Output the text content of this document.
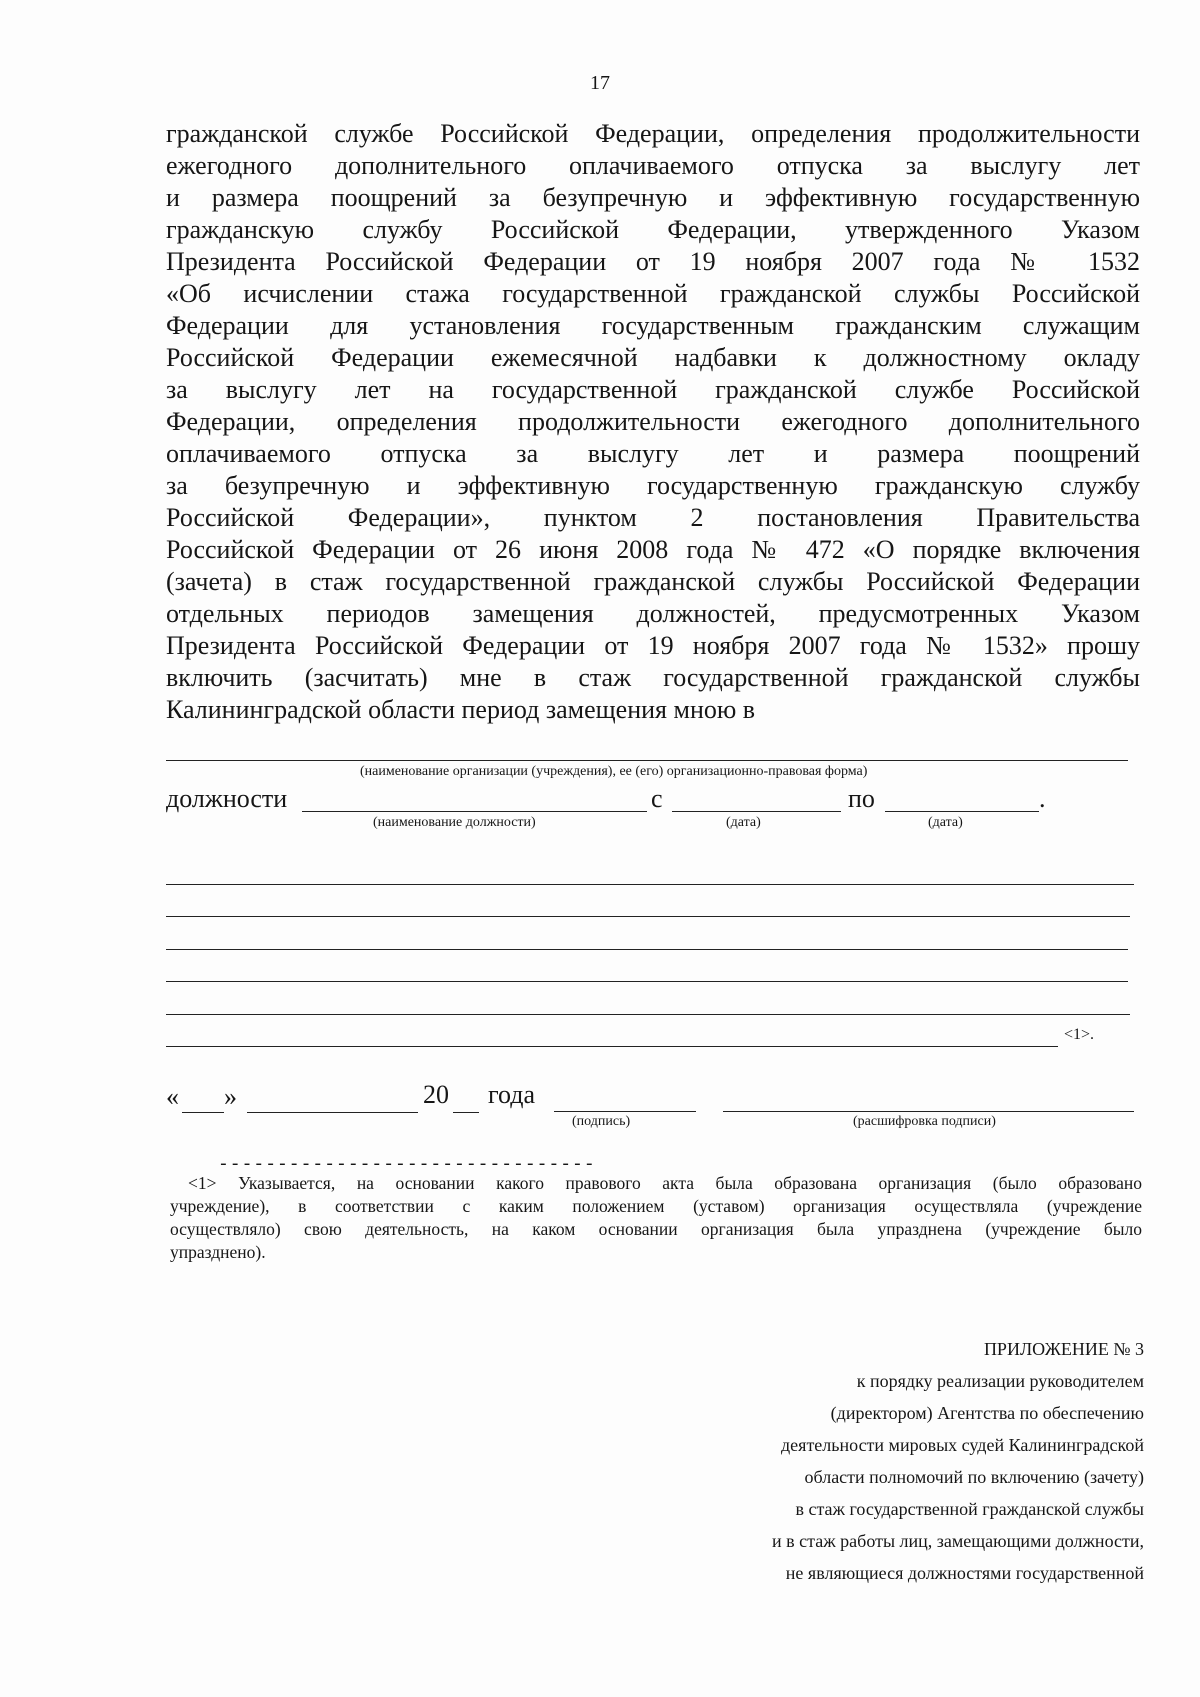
17
гражданской службе Российской Федерации, определения продолжительности
ежегодного дополнительного оплачиваемого отпуска за выслугу лет
и размера поощрений за безупречную и эффективную государственную
гражданскую службу Российской Федерации, утвержденного Указом
Президента Российской Федерации от 19 ноября 2007 года № 1532
«Об исчислении стажа государственной гражданской службы Российской
Федерации для установления государственным гражданским служащим
Российской Федерации ежемесячной надбавки к должностному окладу
за выслугу лет на государственной гражданской службе Российской
Федерации, определения продолжительности ежегодного дополнительного
оплачиваемого отпуска за выслугу лет и размера поощрений
за безупречную и эффективную государственную гражданскую службу
Российской Федерации», пунктом 2 постановления Правительства
Российской Федерации от 26 июня 2008 года № 472 «О порядке включения
(зачета) в стаж государственной гражданской службы Российской Федерации
отдельных периодов замещения должностей, предусмотренных Указом
Президента Российской Федерации от 19 ноября 2007 года № 1532» прошу
включить (засчитать) мне в стаж государственной гражданской службы
Калининградской области период замещения мною в
(наименование организации (учреждения), ее (его) организационно-правовая форма)
должности
(наименование должности)
с
(дата)
по
(дата)
.
<1>.
« »	20 года
(подпись)	(расшифровка подписи)
--------------------------------
<1> Указывается, на основании какого правового акта была образована организация (было образовано
учреждение), в соответствии с каким положением (уставом) организация осуществляла (учреждение
осуществляло) свою деятельность, на каком основании организация была упразднена (учреждение было
упразднено).
ПРИЛОЖЕНИЕ № 3
к порядку реализации руководителем
(директором) Агентства по обеспечению
деятельности мировых судей Калининградской
области полномочий по включению (зачету)
в стаж государственной гражданской службы
и в стаж работы лиц, замещающими должности,
не являющиеся должностями государственной
